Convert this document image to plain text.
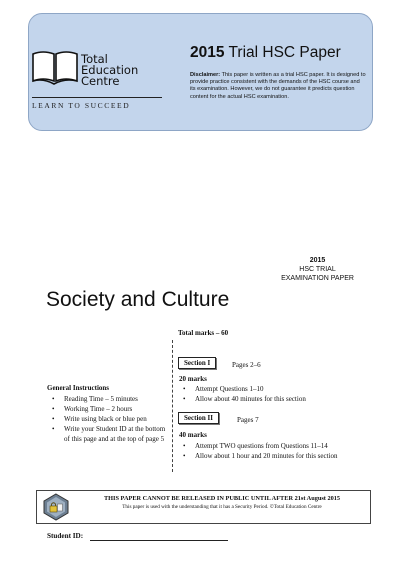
Total
Education
Centre
LEARN TO SUCCEED
2015 Trial HSC Paper
Disclaimer: This paper is written as a trial HSC paper. It is designed to provide practice consistent with the demands of the HSC course and its examination. However, we do not guarantee it predicts question content for the actual HSC examination.
2015
HSC TRIAL
EXAMINATION PAPER
Society and Culture
Total marks – 60
Section I	Pages 2–6
20 marks
• Attempt Questions 1–10
• Allow about 40 minutes for this section
Section II	Pages 7
40 marks
• Attempt TWO questions from Questions 11–14
• Allow about 1 hour and 20 minutes for this section
General Instructions
• Reading Time – 5 minutes
• Working Time – 2 hours
• Write using black or blue pen
• Write your Student ID at the bottom of this page and at the top of page 5
THIS PAPER CANNOT BE RELEASED IN PUBLIC UNTIL AFTER 21st August 2015
This paper is used with the understanding that it has a Security Period. ©Total Education Centre
Student ID:
